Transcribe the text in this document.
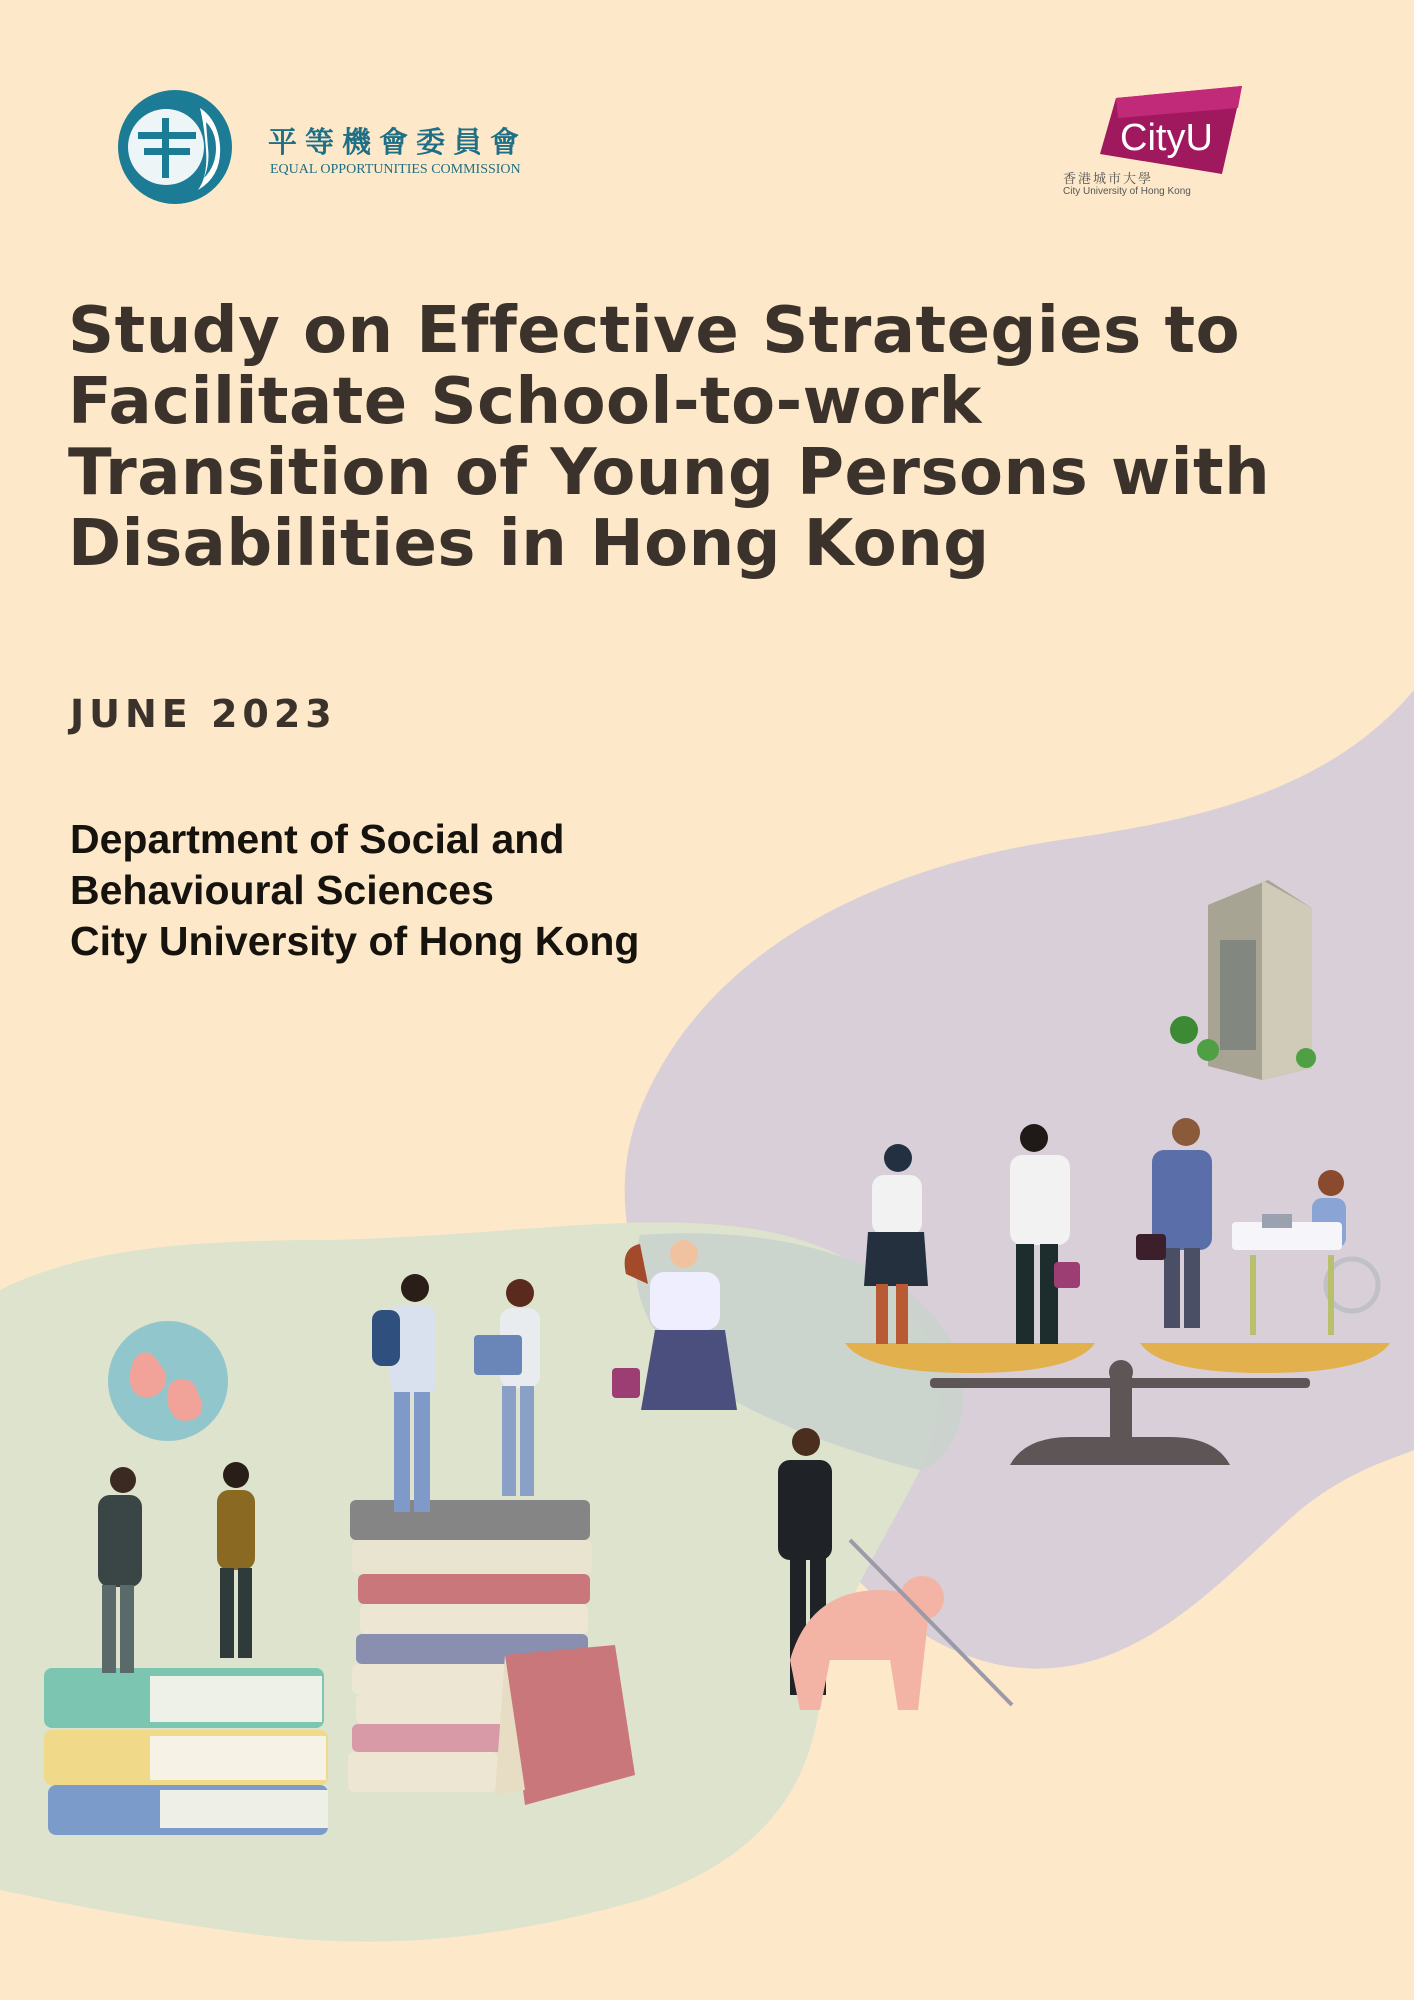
平等機會委員會
EQUAL OPPORTUNITIES COMMISSION
CityU
香港城市大學
City University of Hong Kong
Study on Effective Strategies to
Facilitate School-to-work
Transition of Young Persons with
Disabilities in Hong Kong
JUNE 2023
Department of Social and
Behavioural Sciences
City University of Hong Kong
